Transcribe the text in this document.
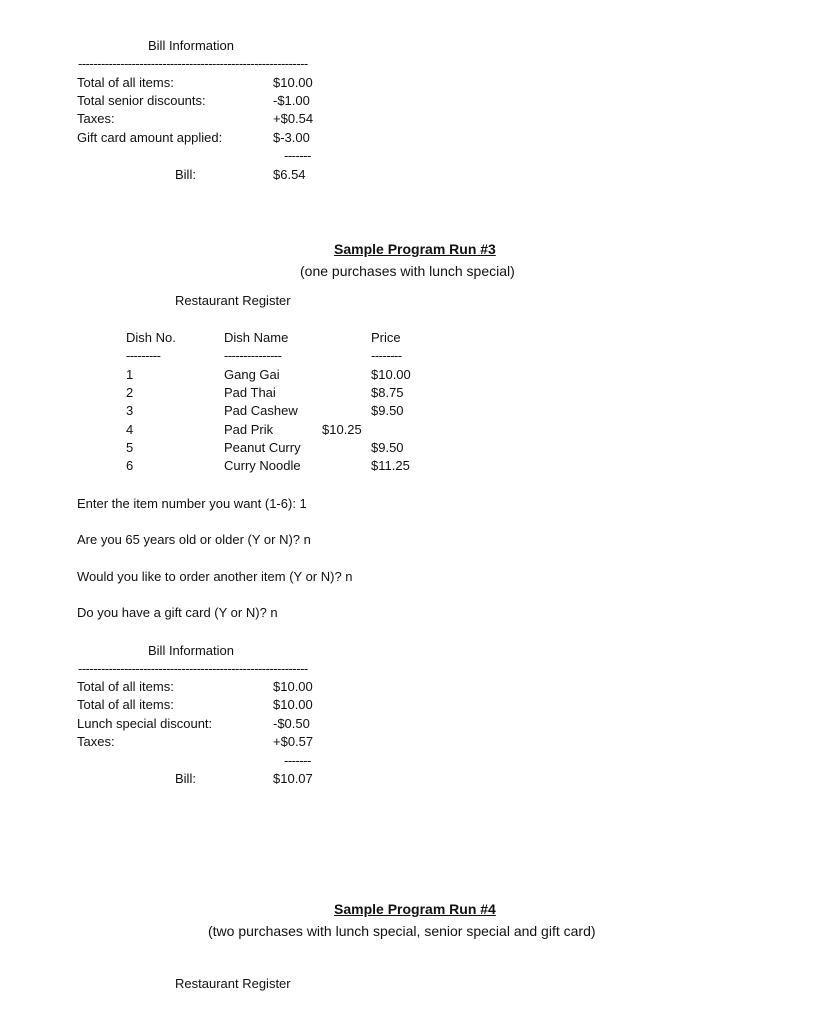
Bill Information
------------------------------------------------------------
Total of all items:	$10.00
Total senior discounts:	-$1.00
Taxes:	+$0.54
Gift card amount applied:	$-3.00
-------
Bill:	$6.54
Sample Program Run #3
(one purchases with lunch special)
Restaurant Register
Dish No.	Dish Name	Price
---------	---------------	--------
1	Gang Gai	$10.00
2	Pad Thai	$8.75
3	Pad Cashew	$9.50
4	Pad Prik	$10.25
5	Peanut Curry	$9.50
6	Curry Noodle	$11.25
Enter the item number you want (1-6): 1
Are you 65 years old or older (Y or N)? n
Would you like to order another item (Y or N)? n
Do you have a gift card (Y or N)? n
Bill Information
------------------------------------------------------------
Total of all items:	$10.00
Total of all items:	$10.00
Lunch special discount:	-$0.50
Taxes:	+$0.57
-------
Bill:	$10.07
Sample Program Run #4
(two purchases with lunch special, senior special and gift card)
Restaurant Register
